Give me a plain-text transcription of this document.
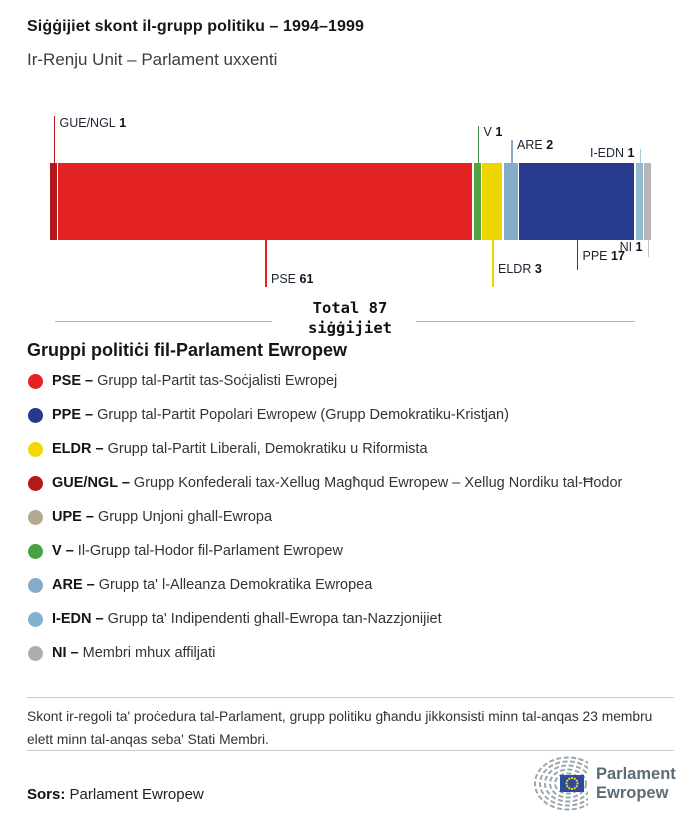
Siġġijiet skont il-grupp politiku – 1994–1999
Ir-Renju Unit – Parlament uxxenti
GUE/NGL 1
PSE 61
V 1
ELDR 3
ARE 2
PPE 17
I-EDN 1
NI 1
Total 87
siġġijiet
Gruppi politiċi fil-Parlament Ewropew
PSE – Grupp tal-Partit tas-Soċjalisti Ewropej
PPE – Grupp tal-Partit Popolari Ewropew (Grupp Demokratiku-Kristjan)
ELDR – Grupp tal-Partit Liberali, Demokratiku u Riformista
GUE/NGL – Grupp Konfederali tax-Xellug Magħqud Ewropew – Xellug Nordiku tal-Ħodor
UPE – Grupp Unjoni ghall-Ewropa
V – Il-Grupp tal-Hodor fil-Parlament Ewropew
ARE – Grupp ta' l-Alleanza Demokratika Ewropea
I-EDN – Grupp ta' Indipendenti ghall-Ewropa tan-Nazzjonijiet
NI – Membri mhux affiljati

Skont ir-regoli ta' proċedura tal-Parlament, grupp politiku għandu jikkonsisti minn tal-anqas 23 membru elett minn tal-anqas seba' Stati Membri.

Sors: Parlament Ewropew

Parlament
Ewropew
